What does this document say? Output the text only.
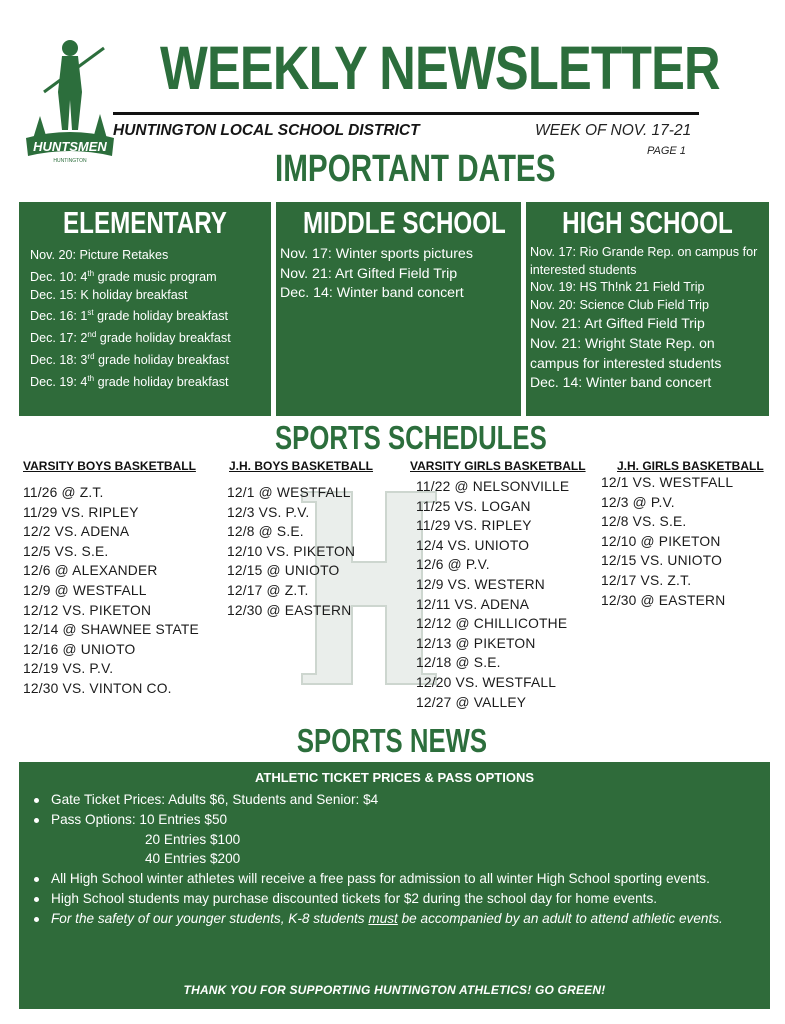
HUNTSMEN
HUNTINGTON
WEEKLY NEWSLETTER
HUNTINGTON LOCAL SCHOOL DISTRICT	WEEK OF NOV. 17-21
PAGE 1
IMPORTANT DATES
ELEMENTARY
Nov. 20: Picture Retakes
Dec. 10: 4th grade music program
Dec. 15: K holiday breakfast
Dec. 16: 1st grade holiday breakfast
Dec. 17: 2nd grade holiday breakfast
Dec. 18: 3rd grade holiday breakfast
Dec. 19: 4th grade holiday breakfast
MIDDLE SCHOOL
Nov. 17: Winter sports pictures
Nov. 21: Art Gifted Field Trip
Dec. 14: Winter band concert
HIGH SCHOOL
Nov. 17: Rio Grande Rep. on campus for interested students
Nov. 19: HS Th!nk 21 Field Trip
Nov. 20: Science Club Field Trip
Nov. 21: Art Gifted Field Trip
Nov. 21: Wright State Rep. on campus for interested students
Dec. 14: Winter band concert
SPORTS SCHEDULES
VARSITY BOYS BASKETBALL
11/26 @ Z.T.
11/29 VS. RIPLEY
12/2 VS. ADENA
12/5 VS. S.E.
12/6 @ ALEXANDER
12/9 @ WESTFALL
12/12 VS. PIKETON
12/14 @ SHAWNEE STATE
12/16 @ UNIOTO
12/19 VS. P.V.
12/30 VS. VINTON CO.
J.H. BOYS BASKETBALL
12/1 @ WESTFALL
12/3 VS. P.V.
12/8 @ S.E.
12/10 VS. PIKETON
12/15 @ UNIOTO
12/17 @ Z.T.
12/30 @ EASTERN
VARSITY GIRLS BASKETBALL
11/22 @ NELSONVILLE
11/25 VS. LOGAN
11/29 VS. RIPLEY
12/4 VS. UNIOTO
12/6 @ P.V.
12/9 VS. WESTERN
12/11 VS. ADENA
12/12 @ CHILLICOTHE
12/13 @ PIKETON
12/18 @ S.E.
12/20 VS. WESTFALL
12/27 @ VALLEY
J.H. GIRLS BASKETBALL
12/1 VS. WESTFALL
12/3 @ P.V.
12/8 VS. S.E.
12/10 @ PIKETON
12/15 VS. UNIOTO
12/17 VS. Z.T.
12/30 @ EASTERN
SPORTS NEWS
ATHLETIC TICKET PRICES & PASS OPTIONS
Gate Ticket Prices: Adults $6, Students and Senior: $4
Pass Options: 10 Entries $50
20 Entries $100
40 Entries $200
All High School winter athletes will receive a free pass for admission to all winter High School sporting events.
High School students may purchase discounted tickets for $2 during the school day for home events.
For the safety of our younger students, K-8 students must be accompanied by an adult to attend athletic events.
THANK YOU FOR SUPPORTING HUNTINGTON ATHLETICS! GO GREEN!
